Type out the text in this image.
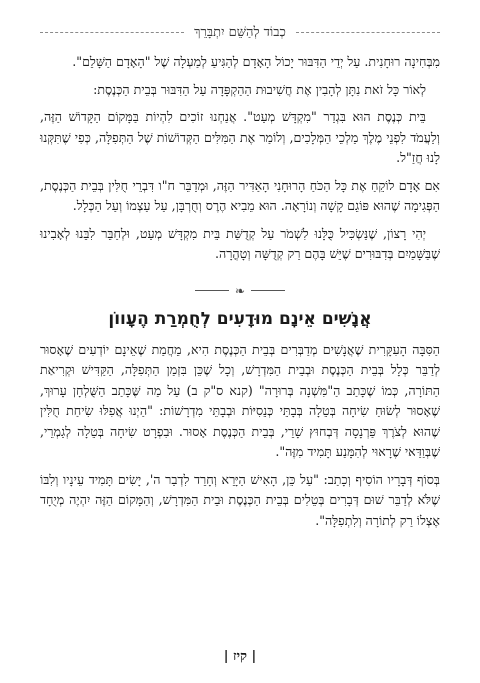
כְבוֹד לְהַשֵּׁם יִתְבָּרֵךְ

מִבְּחִינָה רוּחָנִית. עַל יְדֵי הַדִּבּוּר יָכוֹל הָאָדָם לְהַגִּיעַ לְמַעְלָה שֶׁל "הָאָדָם הַשָּׁלֵם".

לְאוֹר כָּל זֹאת נִתָּן לְהָבִין אֶת חֲשִׁיבוּת הַהַקְפָּדָה עַל הַדִּבּוּר בְּבֵית הַכְּנֶסֶת:

בֵּית כְּנֶסֶת הוּא בִּגְדַר "מִקְדָּשׁ מְעַט". אֲנַחְנוּ זוֹכִים לִהְיוֹת בַּמָּקוֹם הַקָּדוֹשׁ הַזֶּה, וְלַעֲמֹד לִפְנֵי מֶלֶךְ מַלְכֵי הַמְּלָכִים, וְלוֹמַר אֶת הַמִּלִּים הַקְּדוֹשׁוֹת שֶׁל הַתְּפִלָּה, כְּפִי שֶׁתִּקְּנוּ לָנוּ חֲזַ"ל.

אִם אָדָם לוֹקֵחַ אֶת כָּל הַכֹּחַ הָרוּחָנִי הָאַדִּיר הַזֶּה, וּמְדַבֵּר ח"ו דִּבְרֵי חֻלִּין בְּבֵית הַכְּנֶסֶת, הַפְּגִימָה שֶׁהוּא פּוֹגֵם קָשָׁה וְנוֹרָאָה. הוּא מֵבִיא הֶרֶס וְחֻרְבָּן, עַל עַצְמוֹ וְעַל הַכְּלָל.

יְהִי רָצוֹן, שֶׁנַּשְׂכִּיל כֻּלָּנוּ לִשְׁמֹר עַל קְדֻשַּׁת בֵּית מִקְדָּשׁ מְעַט, וּלְחַבֵּר לִבֵּנוּ לְאָבִינוּ שֶׁבַּשָּׁמַיִם בְּדִבּוּרִים שֶׁיֵּשׁ בָּהֶם רַק קְדֻשָּׁה וְטָהֳרָה.

❧
אֲנָשִׁים אֵינָם מוּדָעִים לְחֻמְרַת הֶעָווֹן

הַסִּבָּה הָעִקָּרִית שֶׁאֲנָשִׁים מְדַבְּרִים בְּבֵית הַכְּנֶסֶת הִיא, מֵחֲמַת שֶׁאֵינָם יוֹדְעִים שֶׁאָסוּר לְדַבֵּר כְּלָל בְּבֵית הַכְּנֶסֶת וּבְבֵית הַמִּדְרָשׁ, וְכָל שֶׁכֵּן בִּזְמַן הַתְּפִלָּה, הַקַּדִּישׁ וּקְרִיאַת הַתּוֹרָה, כְּמוֹ שֶׁכָּתַב הַ"מִּשְׁנָה בְּרוּרָה" (קנא ס"ק ב) עַל מַה שֶּׁכָּתַב הַשֻּׁלְחָן עָרוּךְ, שֶׁאָסוּר לְשׂוּחַ שִׂיחָה בְּטֵלָה בְּבָתֵּי כְּנֵסִיּוֹת וּבְבָתֵּי מִדְרָשׁוֹת: "הַיְנוּ אֲפִלּוּ שִׂיחַת חֻלִּין שֶׁהוּא לְצֹרֶךְ פַּרְנָסָה דְּבְחוּץ שָׁרֵי, בְּבֵית הַכְּנֶסֶת אָסוּר. וּבִפְרָט שִׂיחָה בְּטֵלָה לְגַמְרֵי, שֶׁבְּוַדַּאי שֶׁרָאוּי לְהִמָּנַע תָּמִיד מִזֶּה".

בְּסוֹף דְּבָרָיו הוֹסִיף וְכָתַב: "עַל כֵּן, הָאִישׁ הַיָּרֵא וְחָרֵד לִדְבַר ה', יָשִׂים תָּמִיד עֵינָיו וְלִבּוֹ שֶׁלֹּא לְדַבֵּר שׁוּם דְּבָרִים בְּטֵלִים בְּבֵית הַכְּנֶסֶת וּבֵית הַמִּדְרָשׁ, וְהַמָּקוֹם הַזֶּה יִהְיֶה מְיֻחָד אֶצְלוֹ רַק לְתוֹרָה וְלִתְפִלָּה".

| קיז |
